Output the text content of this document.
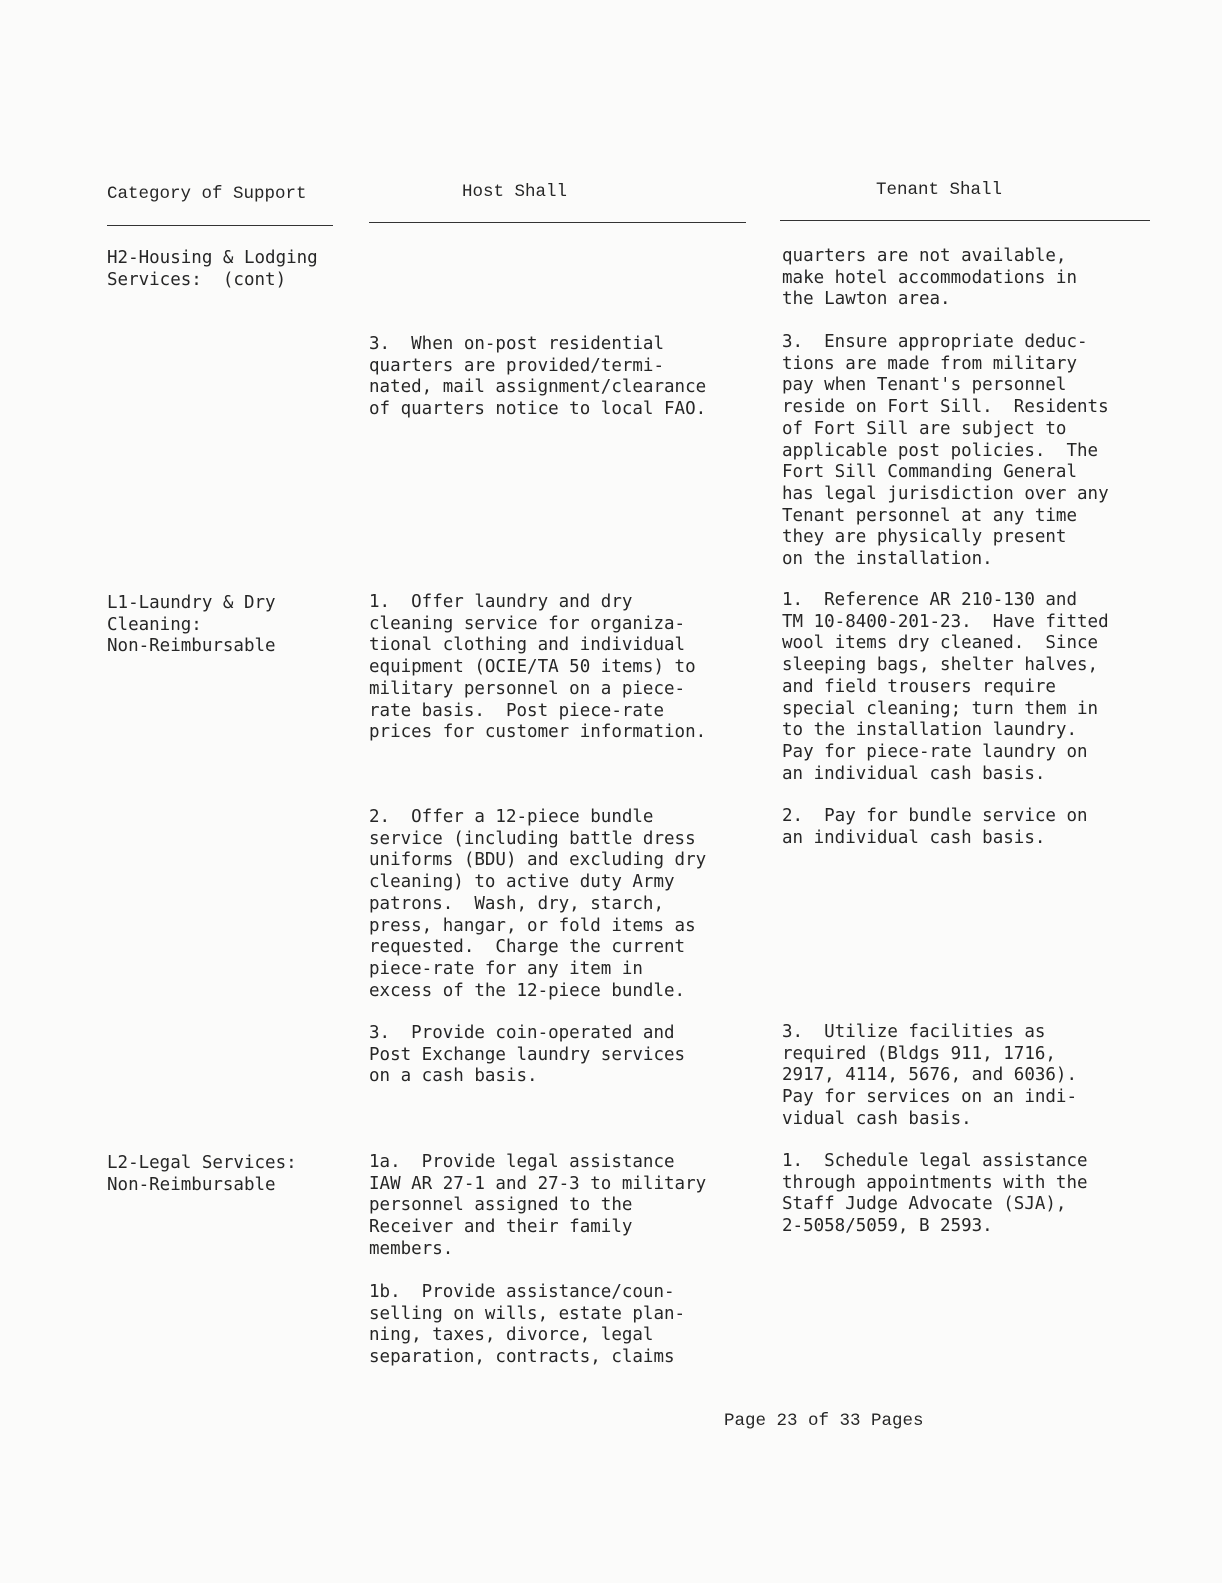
Category of Support	Host Shall	Tenant Shall
H2-Housing & Lodging
Services:  (cont)
quarters are not available,
make hotel accommodations in
the Lawton area.
3.  When on-post residential
quarters are provided/termi-
nated, mail assignment/clearance
of quarters notice to local FAO.
3.  Ensure appropriate deduc-
tions are made from military
pay when Tenant's personnel
reside on Fort Sill.  Residents
of Fort Sill are subject to
applicable post policies.  The
Fort Sill Commanding General
has legal jurisdiction over any
Tenant personnel at any time
they are physically present
on the installation.
L1-Laundry & Dry
Cleaning:
Non-Reimbursable
1.  Offer laundry and dry
cleaning service for organiza-
tional clothing and individual
equipment (OCIE/TA 50 items) to
military personnel on a piece-
rate basis.  Post piece-rate
prices for customer information.
1.  Reference AR 210-130 and
TM 10-8400-201-23.  Have fitted
wool items dry cleaned.  Since
sleeping bags, shelter halves,
and field trousers require
special cleaning; turn them in
to the installation laundry.
Pay for piece-rate laundry on
an individual cash basis.
2.  Offer a 12-piece bundle
service (including battle dress
uniforms (BDU) and excluding dry
cleaning) to active duty Army
patrons.  Wash, dry, starch,
press, hangar, or fold items as
requested.  Charge the current
piece-rate for any item in
excess of the 12-piece bundle.
2.  Pay for bundle service on
an individual cash basis.
3.  Provide coin-operated and
Post Exchange laundry services
on a cash basis.
3.  Utilize facilities as
required (Bldgs 911, 1716,
2917, 4114, 5676, and 6036).
Pay for services on an indi-
vidual cash basis.
L2-Legal Services:
Non-Reimbursable
1a.  Provide legal assistance
IAW AR 27-1 and 27-3 to military
personnel assigned to the
Receiver and their family
members.
1.  Schedule legal assistance
through appointments with the
Staff Judge Advocate (SJA),
2-5058/5059, B 2593.
1b.  Provide assistance/coun-
selling on wills, estate plan-
ning, taxes, divorce, legal
separation, contracts, claims
Page 23 of 33 Pages
